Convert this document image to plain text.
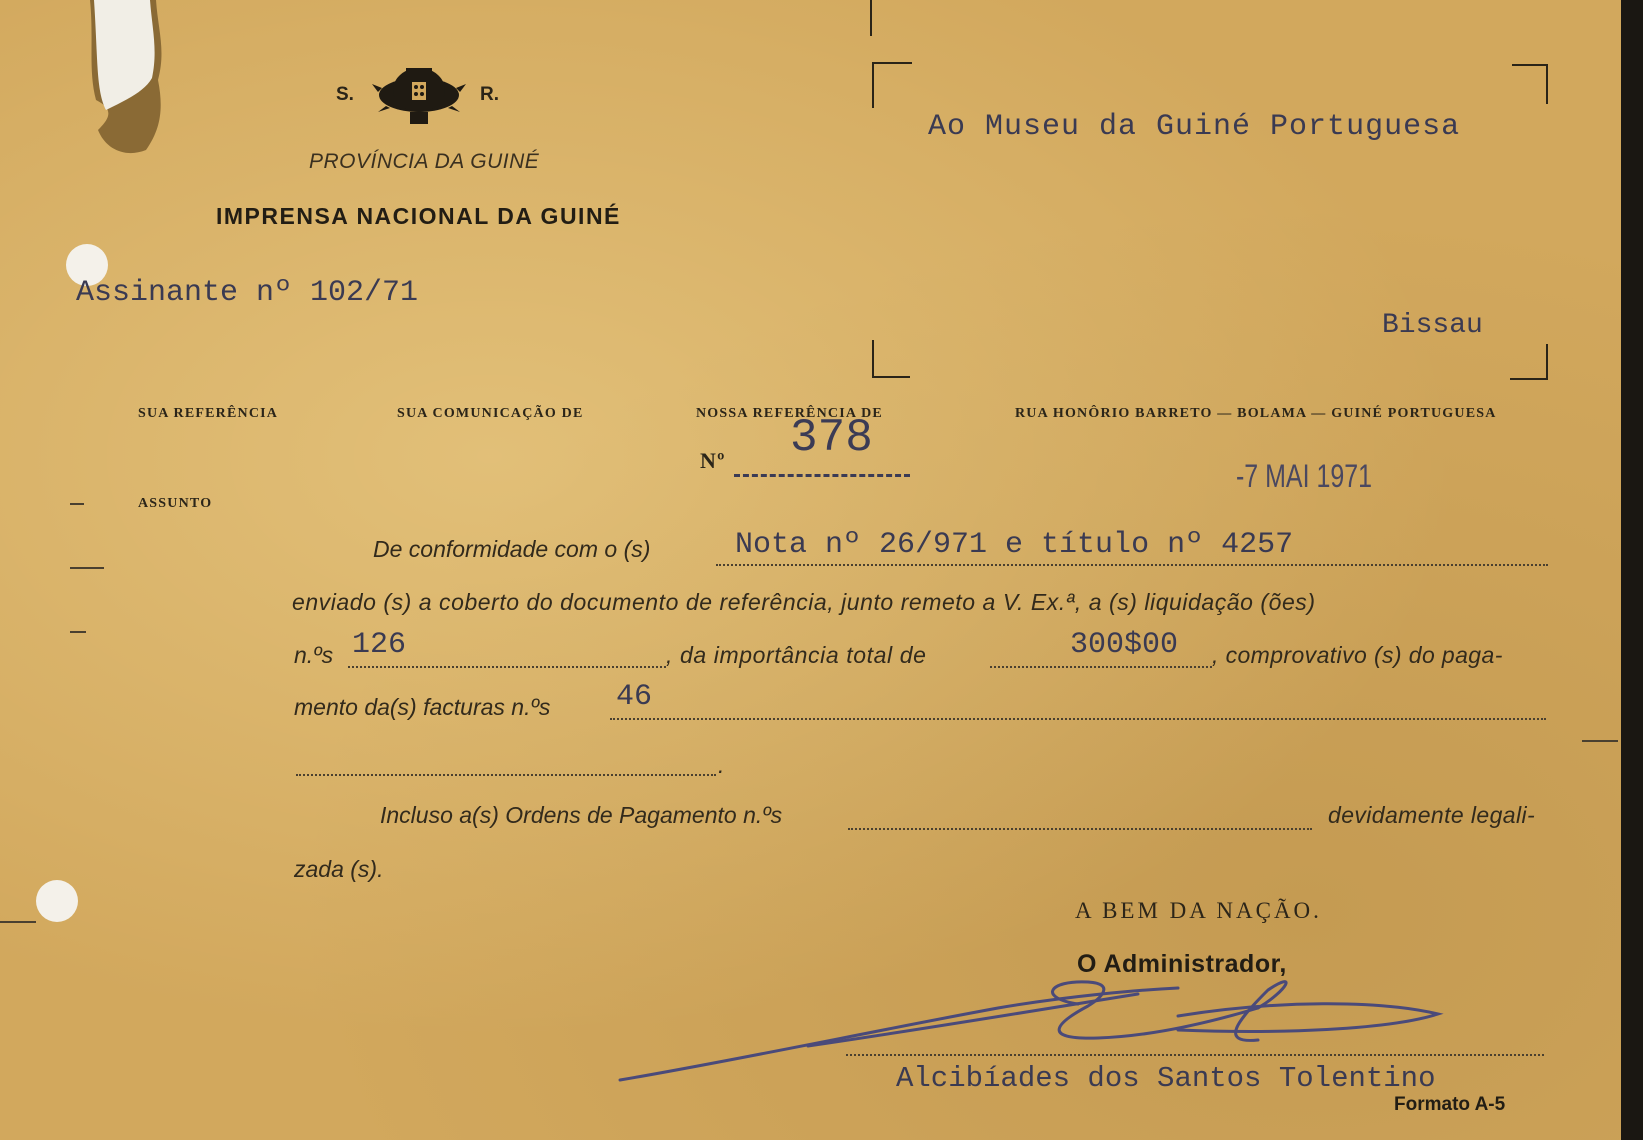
S.	R.
PROVÍNCIA DA GUINÉ
IMPRENSA NACIONAL DA GUINÉ
Ao Museu da Guiné Portuguesa
Bissau
Assinante nº 102/71
SUA REFERÊNCIA	SUA COMUNICAÇÃO DE	NOSSA REFERÊNCIA DE	RUA HONÔRIO BARRETO — BOLAMA — GUINÉ PORTUGUESA
Nº 378
-7 MAI 1971
ASSUNTO
De conformidade com o (s)	Nota nº 26/971 e título nº 4257
enviado (s) a coberto do documento de referência, junto remeto a V. Ex.ª, a (s) liquidação (ões)
n.ºs 126	, da importância total de	300$00 , comprovativo (s) do paga-
mento da(s) facturas n.ºs 46
.
Incluso a(s) Ordens de Pagamento n.ºs	devidamente legali-
zada (s).
A BEM DA NAÇÃO.
O Administrador,
Alcibíades dos Santos Tolentino
Formato A-5
